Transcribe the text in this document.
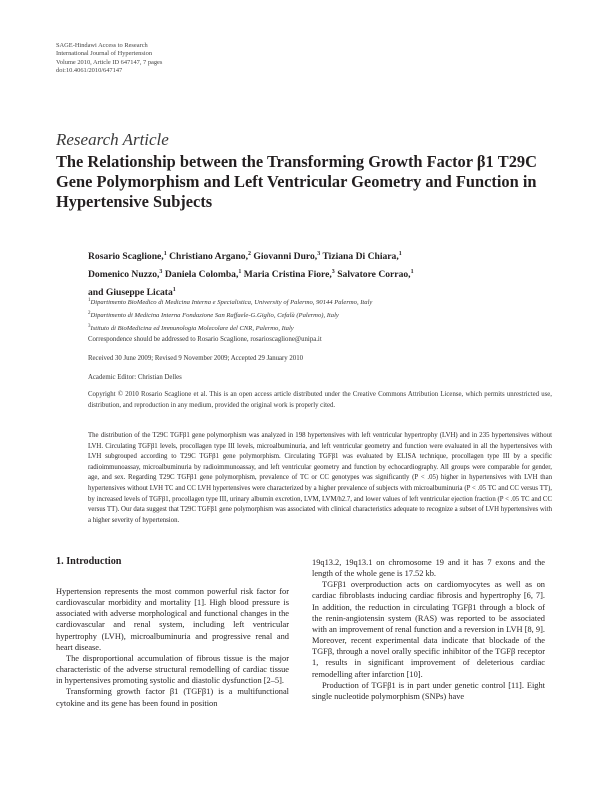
SAGE-Hindawi Access to Research
International Journal of Hypertension
Volume 2010, Article ID 647147, 7 pages
doi:10.4061/2010/647147
Research Article
The Relationship between the Transforming Growth Factor β1 T29C Gene Polymorphism and Left Ventricular Geometry and Function in Hypertensive Subjects
Rosario Scaglione,$^1$ Christiano Argano,$^2$ Giovanni Duro,$^3$ Tiziana Di Chiara,$^1$
Domenico Nuzzo,$^3$ Daniela Colomba,$^1$ Maria Cristina Fiore,$^3$ Salvatore Corrao,$^1$
and Giuseppe Licata$^1$
$^1$Dipartimento BioMedico di Medicina Interna e Specialistica, University of Palermo, 90144 Palermo, Italy
$^2$Dipartimento di Medicina Interna Fondazione San Raffaele-G.Giglio, Cefalù (Palermo), Italy
$^3$Istituto di BioMedicina ed Immunologia Molecolare del CNR, Palermo, Italy
Correspondence should be addressed to Rosario Scaglione, rosarioscaglione@unipa.it
Received 30 June 2009; Revised 9 November 2009; Accepted 29 January 2010
Academic Editor: Christian Delles
Copyright © 2010 Rosario Scaglione et al. This is an open access article distributed under the Creative Commons Attribution License, which permits unrestricted use, distribution, and reproduction in any medium, provided the original work is properly cited.
The distribution of the T29C TGFβ1 gene polymorphism was analyzed in 198 hypertensives with left ventricular hypertrophy (LVH) and in 235 hypertensives without LVH. Circulating TGFβ1 levels, procollagen type III levels, microalbuminuria, and left ventricular geometry and function were evaluated in all the hypertensives with LVH subgrouped according to T29C TGFβ1 gene polymorphism. Circulating TGFβ1 was evaluated by ELISA technique, procollagen type III by a specific radioimmunoassay, microalbuminuria by radioimmunoassay, and left ventricular geometry and function by echocardiography. All groups were comparable for gender, age, and sex. Regarding T29C TGFβ1 gene polymorphism, prevalence of TC or CC genotypes was significantly (P < .05) higher in hypertensives with LVH than hypertensives without LVH TC and CC LVH hypertensives were characterized by a higher prevalence of subjects with microalbuminuria (P < .05 TC and CC versus TT), by increased levels of TGFβ1, procollagen type III, urinary albumin excretion, LVM, LVM/h2.7, and lower values of left ventricular ejection fraction (P < .05 TC and CC versus TT). Our data suggest that T29C TGFβ1 gene polymorphism was associated with clinical characteristics adequate to recognize a subset of LVH hypertensives with a higher severity of hypertension.
1. Introduction

Hypertension represents the most common powerful risk factor for cardiovascular morbidity and mortality [1]. High blood pressure is associated with adverse morphological and functional changes in the cardiovascular and renal system, including left ventricular hypertrophy (LVH), microalbuminuria and progressive renal and heart disease.

The disproportional accumulation of fibrous tissue is the major characteristic of the adverse structural remodelling of cardiac tissue in hypertensives promoting systolic and diastolic dysfunction [2–5].

Transforming growth factor β1 (TGFβ1) is a multifunctional cytokine and its gene has been found in position

19q13.2, 19q13.1 on chromosome 19 and it has 7 exons and the length of the whole gene is 17.52 kb.

TGFβ1 overproduction acts on cardiomyocytes as well as on cardiac fibroblasts inducing cardiac fibrosis and hypertrophy [6, 7]. In addition, the reduction in circulating TGFβ1 through a block of the renin-angiotensin system (RAS) was reported to be associated with an improvement of renal function and a reversion in LVH [8, 9]. Moreover, recent experimental data indicate that blockade of the TGFβ, through a novel orally specific inhibitor of the TGFβ receptor 1, results in significant improvement of deleterious cardiac remodelling after infarction [10].

Production of TGFβ1 is in part under genetic control [11]. Eight single nucleotide polymorphism (SNPs) have
